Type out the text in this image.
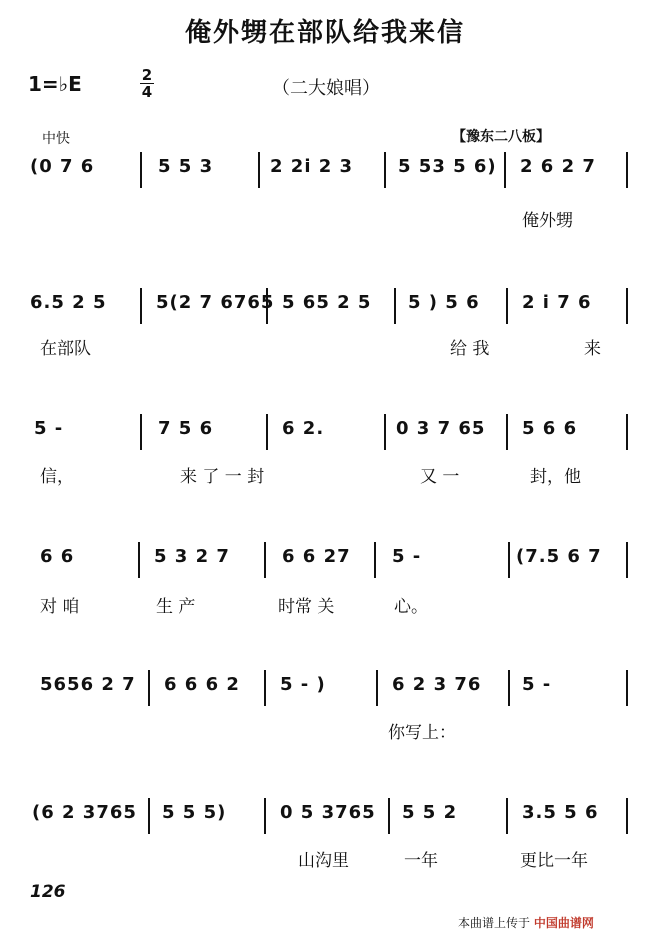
俺外甥在部队给我来信
1=♭E	2
4	（二大娘唱）
中快	【豫东二八板】
(0 7 6	5 5 3	2 2i 2 3 5 53 5 6) 2 6 2 7
俺外甥
6.5 2 5	5(2 7 6765 5 65 2 5 5 ) 5 6 2 i 7 6
在部队	给 我	来
5 -	7 5 6	6 2.	0 3 7 65 5 6 6
信，	来 了 一 封	又 一	封，他
6 6	5 3 2 7	6 6 27 5 -	(7.5 6 7
对 咱	生 产	时常 关	心。
5656 2 7 6 6 6 2 5 - )	6 2 3 76 5 -
你写上：
(6 2 3765 5 5 5)	0 5 3765 5 5 2	3.5 5 6
山沟里	一年	更比一年
126
本曲谱上传于 中国曲谱网
